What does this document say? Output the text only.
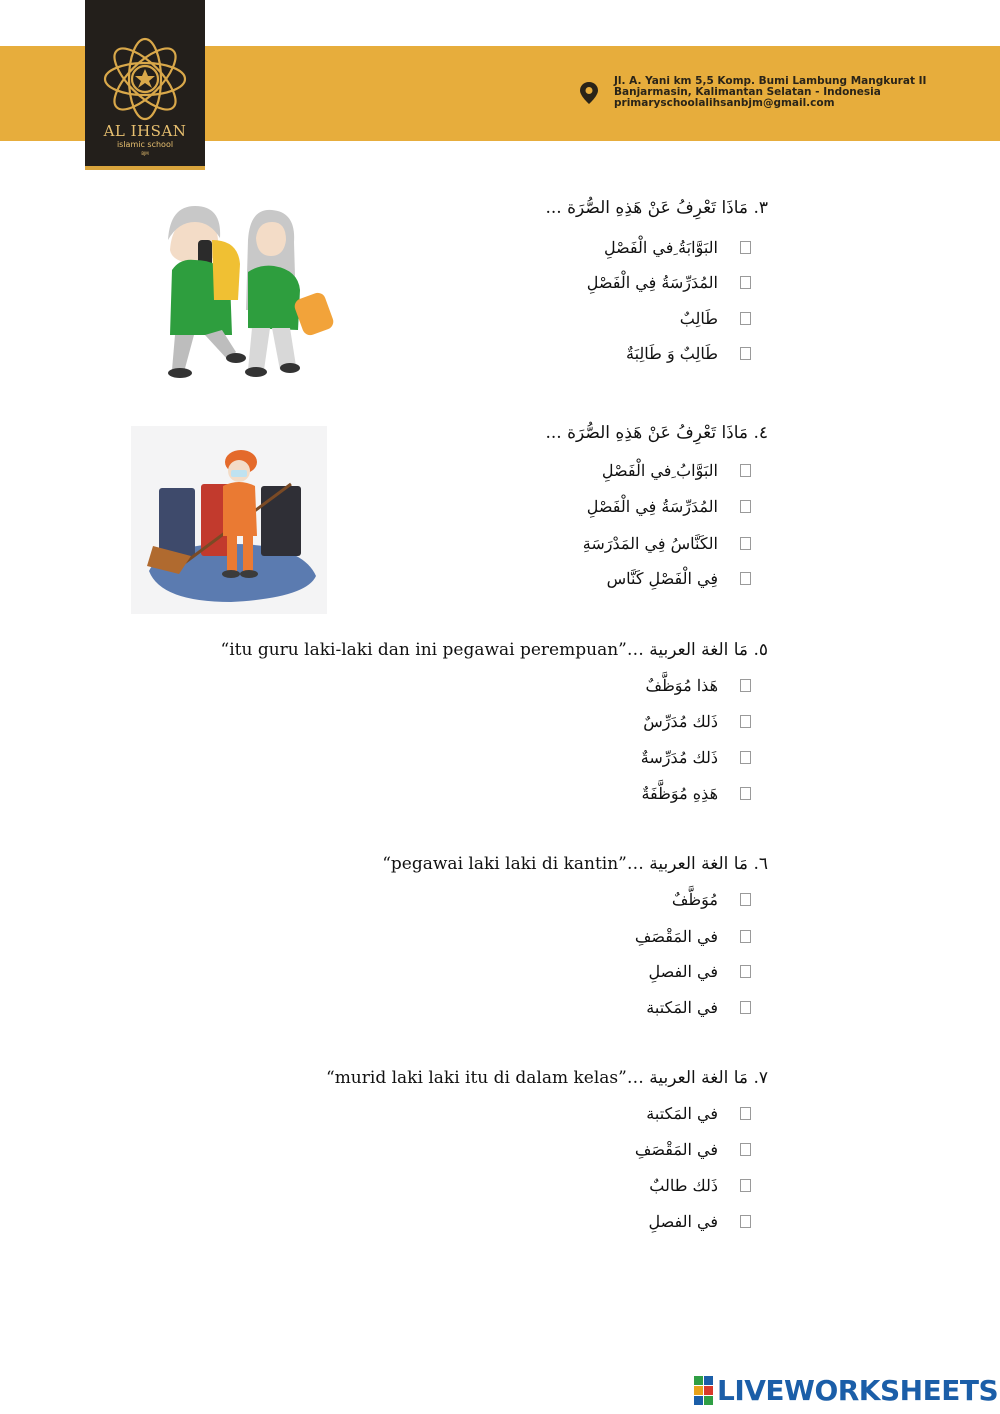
AL IHSAN
islamic school
BJM
Jl. A. Yani km 5,5 Komp. Bumi Lambung Mangkurat II
Banjarmasin, Kalimantan Selatan - Indonesia
primaryschoolalihsanbjm@gmail.com
٣. مَاذَا تَعْرِفُ عَنْ هَذِهِ الصُّرَة ...
البَوَّابَةُ ِفي الْفَصْلِ
المُدَرِّسَةُ فِي الْفَصْلِ
طَالِبٌ
طَالِبٌ وَ طَالِبَةٌ
٤. مَاذَا تَعْرِفُ عَنْ هَذِهِ الصُّرَة ...
البَوَّابُ ِفي الْفَصْلِ
المُدَرِّسَةُ فِي الْفَصْلِ
الكَنَّاسُ فِي المَدْرَسَةِ
فِي الْفَصْلِ كَنَّاس
٥. مَا الغة العربية “itu guru laki-laki dan ini pegawai perempuan”…
هَذا مُوَظَّفٌ
ذَلك مُدَرِّسٌ
ذَلك مُدَرِّسةٌ
هَذِهِ مُوَظَّفَةٌ
٦. مَا الغة العربية “pegawai laki laki di kantin”…
مُوَظَّفٌ
في المَقْصَفِ
في الفصلِ
في المَكتبة
٧. مَا الغة العربية “murid laki laki itu di dalam kelas”…
في المَكتبة
في المَقْصَفِ
ذَلك طالبٌ
في الفصلِ
LIVEWORKSHEETS
